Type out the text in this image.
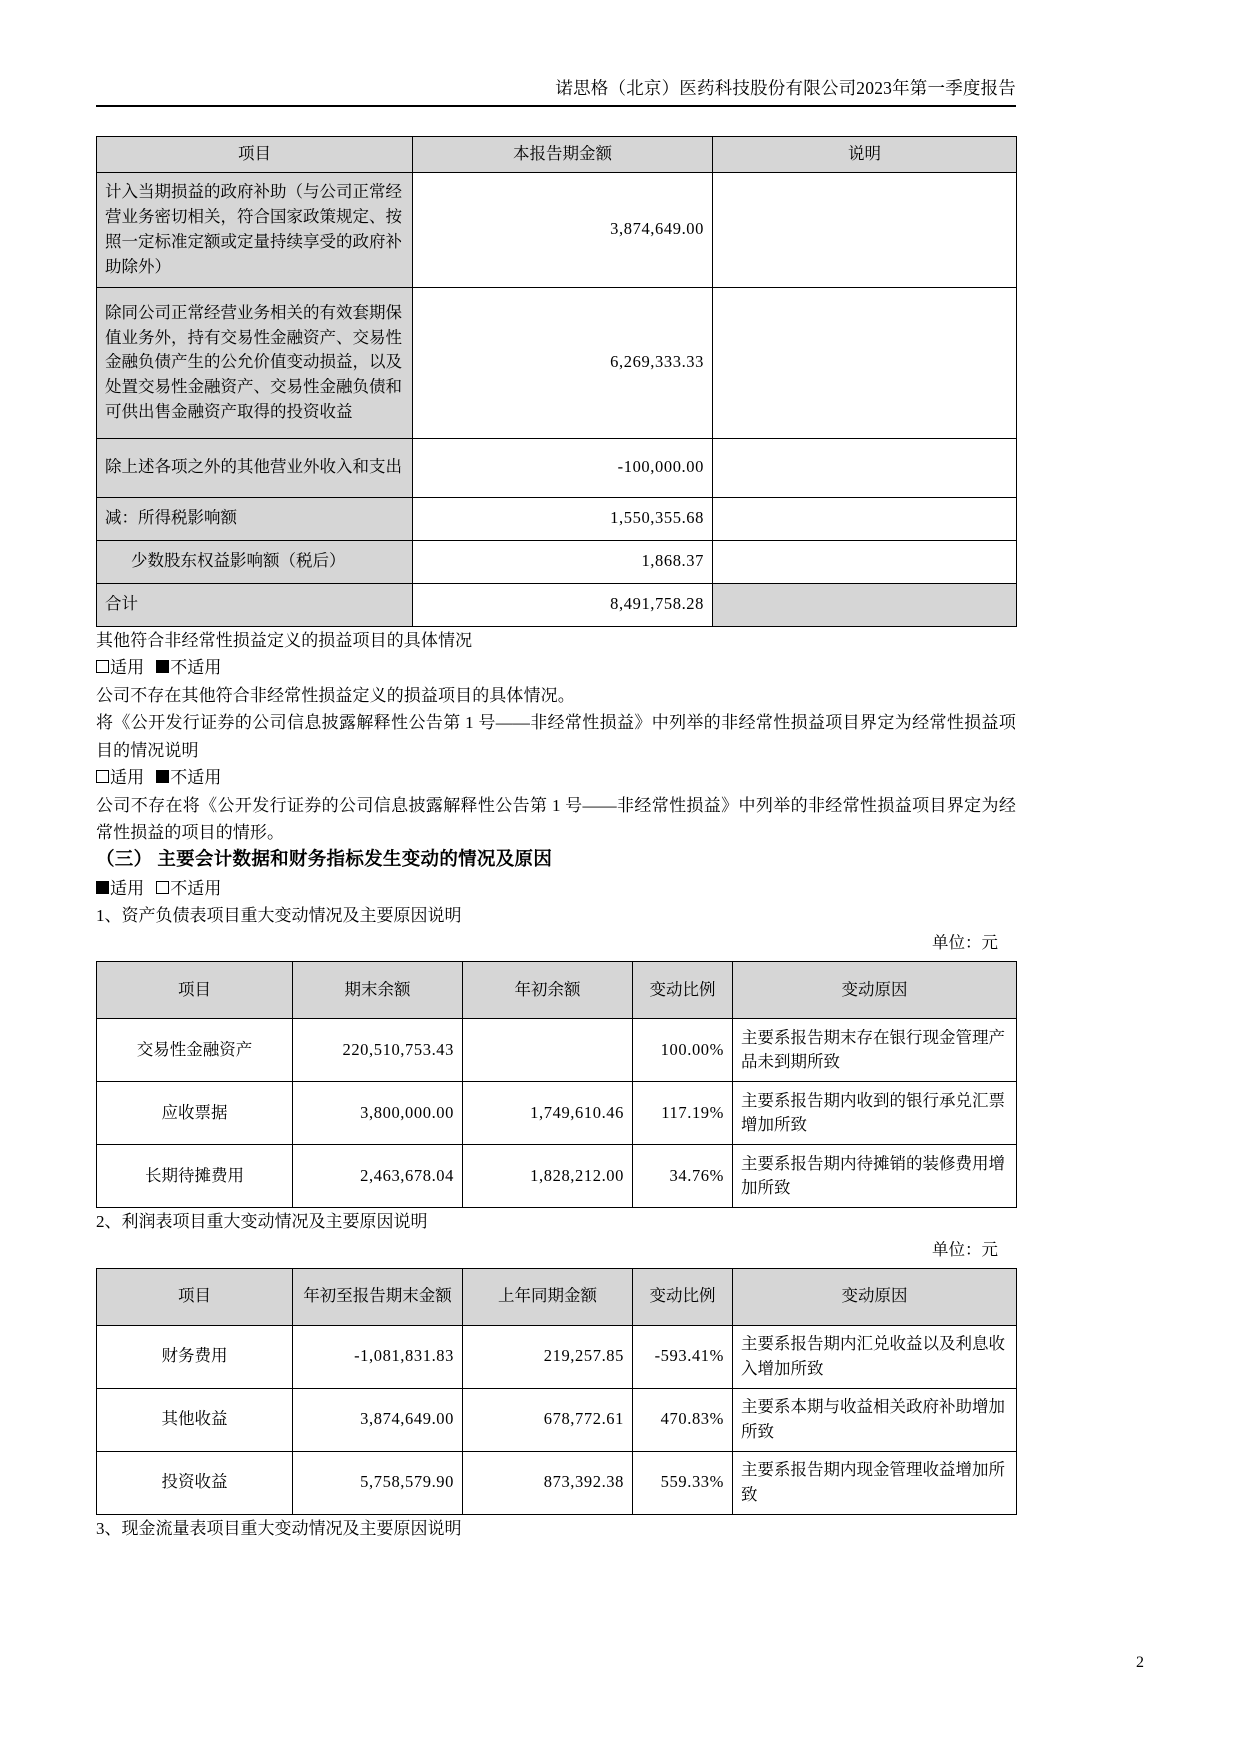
诺思格（北京）医药科技股份有限公司2023年第一季度报告
项目	本报告期金额	说明
计入当期损益的政府补助（与公司正常经营业务密切相关，符合国家政策规定、按照一定标准定额或定量持续享受的政府补助除外）	3,874,649.00	
除同公司正常经营业务相关的有效套期保值业务外，持有交易性金融资产、交易性金融负债产生的公允价值变动损益，以及处置交易性金融资产、交易性金融负债和可供出售金融资产取得的投资收益	6,269,333.33	
除上述各项之外的其他营业外收入和支出	-100,000.00	
减：所得税影响额	1,550,355.68	
少数股东权益影响额（税后）	1,868.37	
合计	8,491,758.28	

其他符合非经常性损益定义的损益项目的具体情况

适用 不适用

公司不存在其他符合非经常性损益定义的损益项目的具体情况。

将《公开发行证券的公司信息披露解释性公告第 1 号——非经常性损益》中列举的非经常性损益项目界定为经常性损益项目的情况说明

适用 不适用

公司不存在将《公开发行证券的公司信息披露解释性公告第 1 号——非经常性损益》中列举的非经常性损益项目界定为经常性损益的项目的情形。

（三） 主要会计数据和财务指标发生变动的情况及原因

适用 不适用

1、资产负债表项目重大变动情况及主要原因说明

单位：元

项目	期末余额	年初余额	变动比例	变动原因
交易性金融资产	220,510,753.43		100.00%	主要系报告期末存在银行现金管理产品未到期所致
应收票据	3,800,000.00	1,749,610.46	117.19%	主要系报告期内收到的银行承兑汇票增加所致
长期待摊费用	2,463,678.04	1,828,212.00	34.76%	主要系报告期内待摊销的装修费用增加所致

2、利润表项目重大变动情况及主要原因说明

单位：元

项目	年初至报告期末金额	上年同期金额	变动比例	变动原因
财务费用	-1,081,831.83	219,257.85	-593.41%	主要系报告期内汇兑收益以及利息收入增加所致
其他收益	3,874,649.00	678,772.61	470.83%	主要系本期与收益相关政府补助增加所致
投资收益	5,758,579.90	873,392.38	559.33%	主要系报告期内现金管理收益增加所致

3、现金流量表项目重大变动情况及主要原因说明

2
